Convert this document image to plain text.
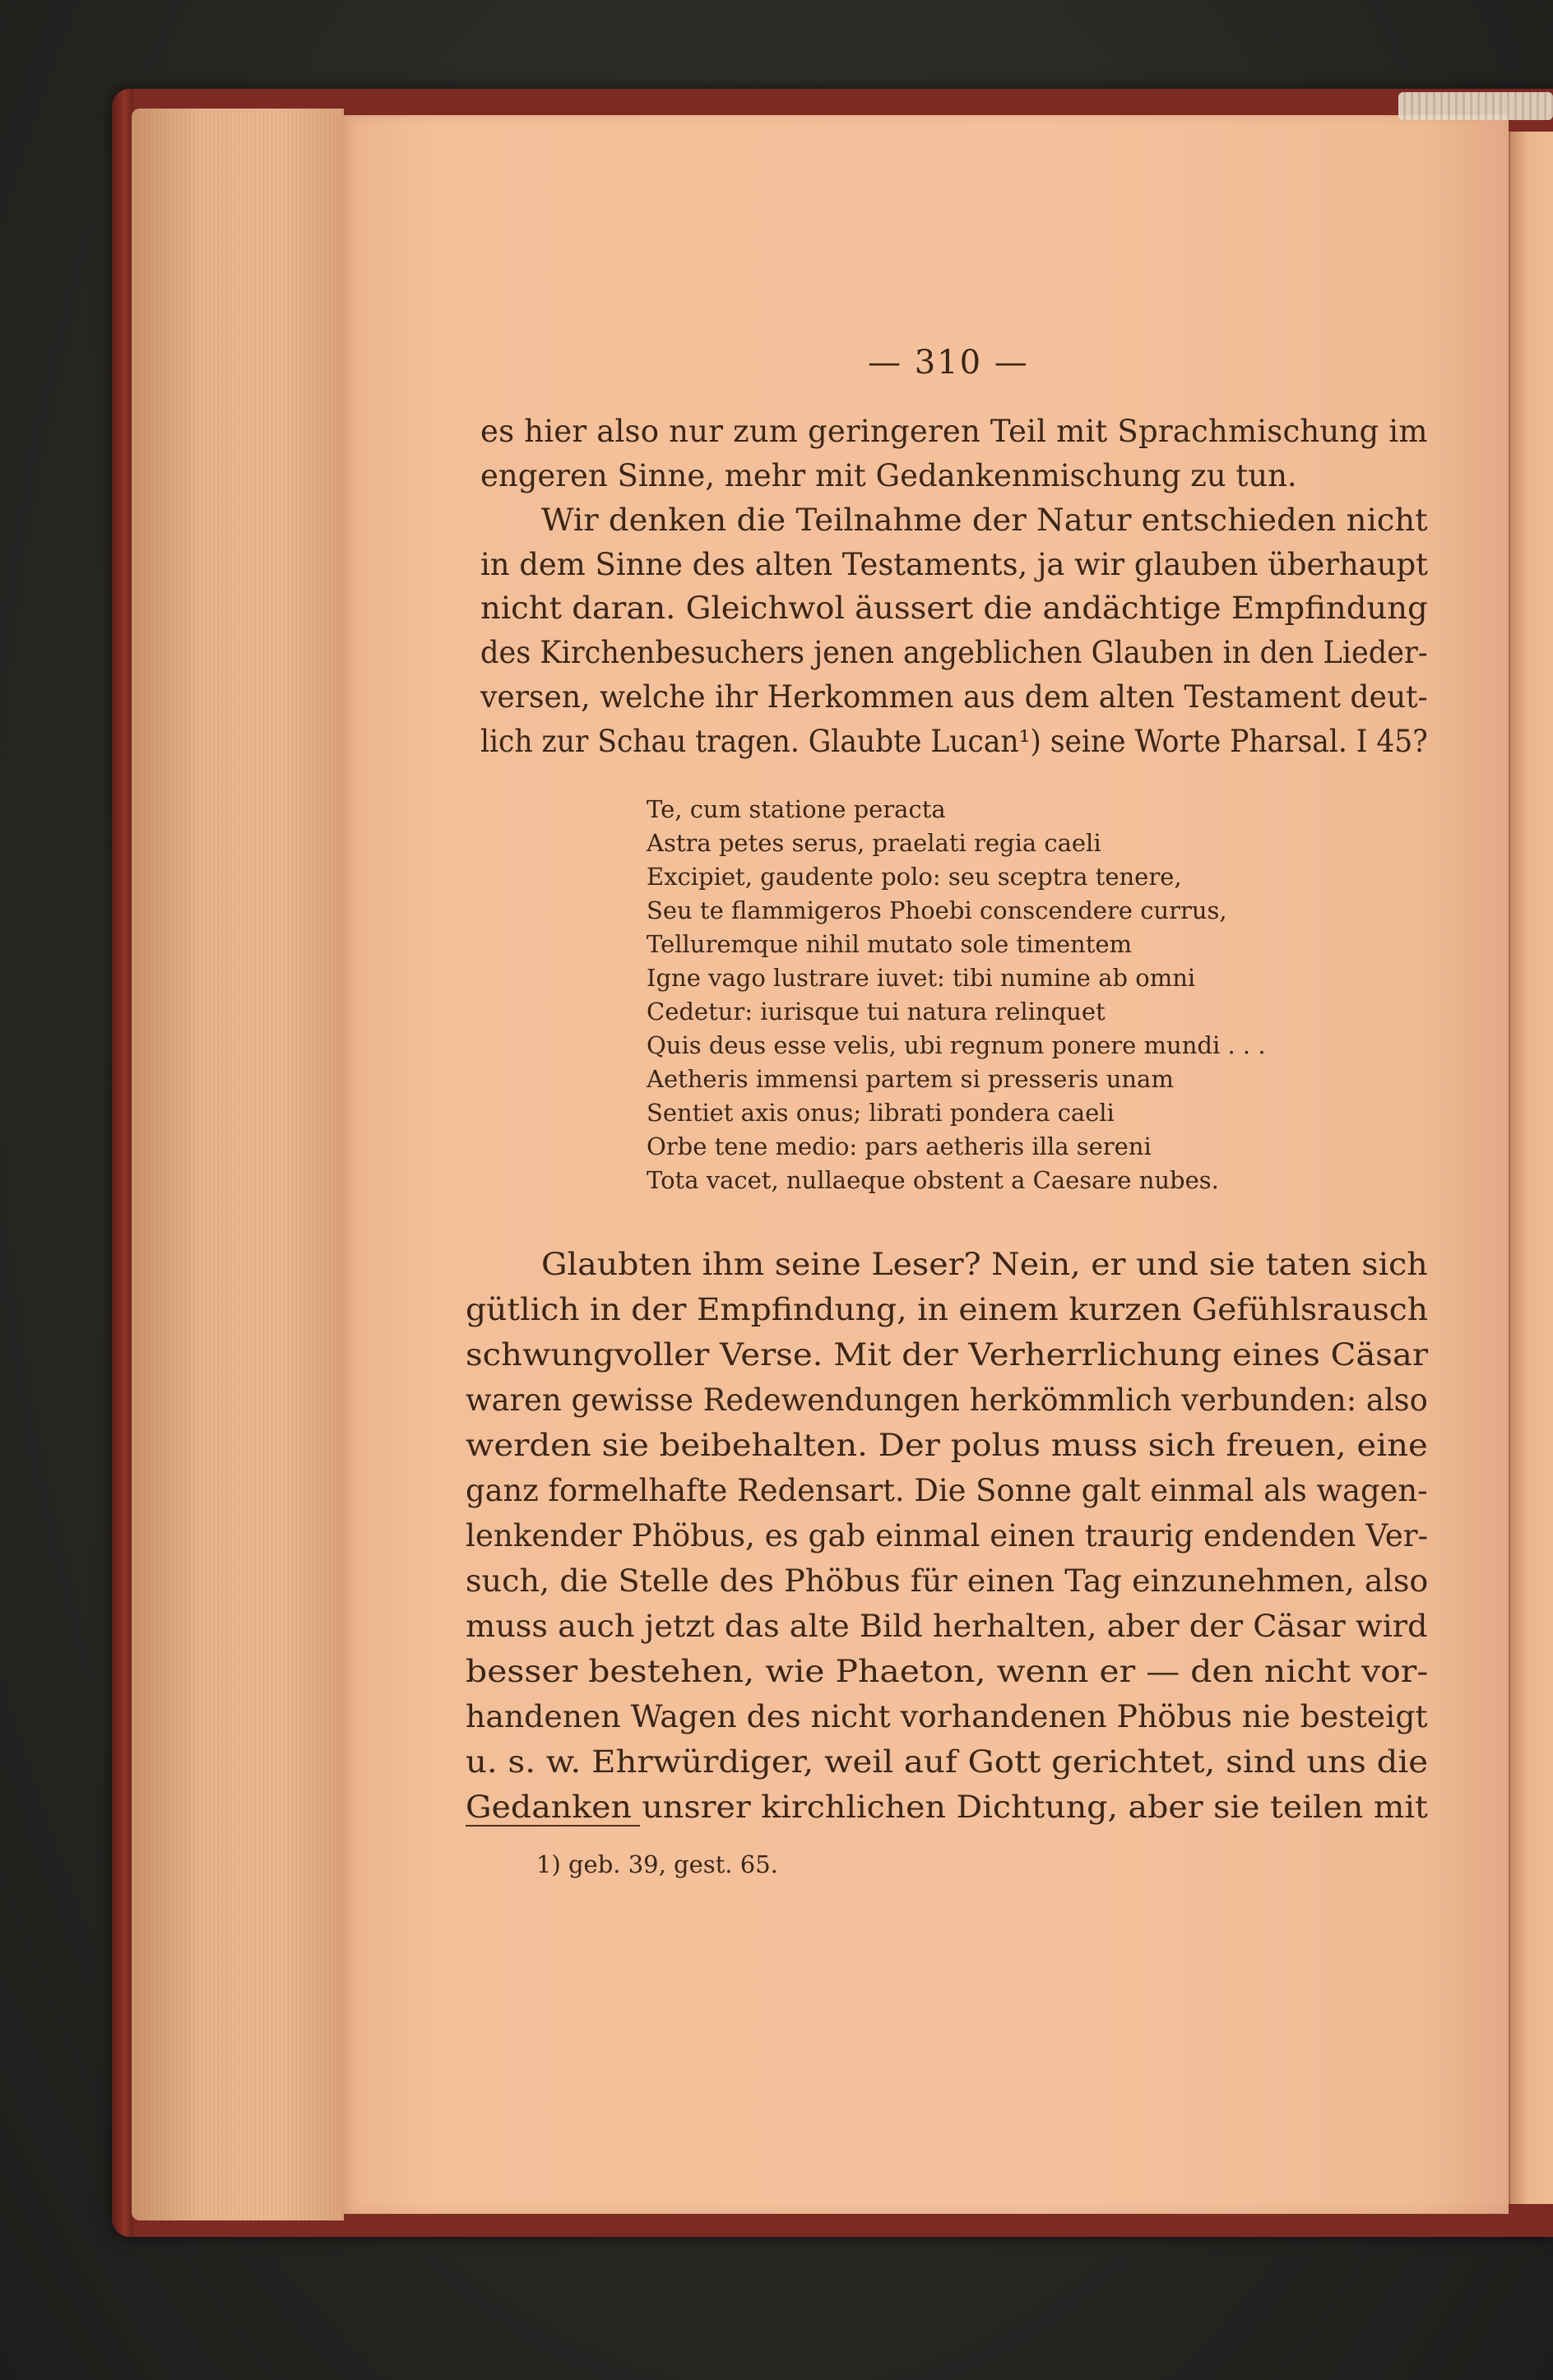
— 310 —
es hier also nur zum geringeren Teil mit Sprachmischung im
engeren Sinne, mehr mit Gedankenmischung zu tun.
Wir denken die Teilnahme der Natur entschieden nicht
in dem Sinne des alten Testaments, ja wir glauben überhaupt
nicht daran. Gleichwol äussert die andächtige Empfindung
des Kirchenbesuchers jenen angeblichen Glauben in den Lieder-
versen, welche ihr Herkommen aus dem alten Testament deut-
lich zur Schau tragen. Glaubte Lucan¹) seine Worte Pharsal. I 45?
Te, cum statione peracta
Astra petes serus, praelati regia caeli
Excipiet, gaudente polo: seu sceptra tenere,
Seu te flammigeros Phoebi conscendere currus,
Telluremque nihil mutato sole timentem
Igne vago lustrare iuvet: tibi numine ab omni
Cedetur: iurisque tui natura relinquet
Quis deus esse velis, ubi regnum ponere mundi . . .
Aetheris immensi partem si presseris unam
Sentiet axis onus; librati pondera caeli
Orbe tene medio: pars aetheris illa sereni
Tota vacet, nullaeque obstent a Caesare nubes.
Glaubten ihm seine Leser? Nein, er und sie taten sich
gütlich in der Empfindung, in einem kurzen Gefühlsrausch
schwungvoller Verse. Mit der Verherrlichung eines Cäsar
waren gewisse Redewendungen herkömmlich verbunden: also
werden sie beibehalten. Der polus muss sich freuen, eine
ganz formelhafte Redensart. Die Sonne galt einmal als wagen-
lenkender Phöbus, es gab einmal einen traurig endenden Ver-
such, die Stelle des Phöbus für einen Tag einzunehmen, also
muss auch jetzt das alte Bild herhalten, aber der Cäsar wird
besser bestehen, wie Phaeton, wenn er — den nicht vor-
handenen Wagen des nicht vorhandenen Phöbus nie besteigt
u. s. w. Ehrwürdiger, weil auf Gott gerichtet, sind uns die
Gedanken unsrer kirchlichen Dichtung, aber sie teilen mit
1) geb. 39, gest. 65.
